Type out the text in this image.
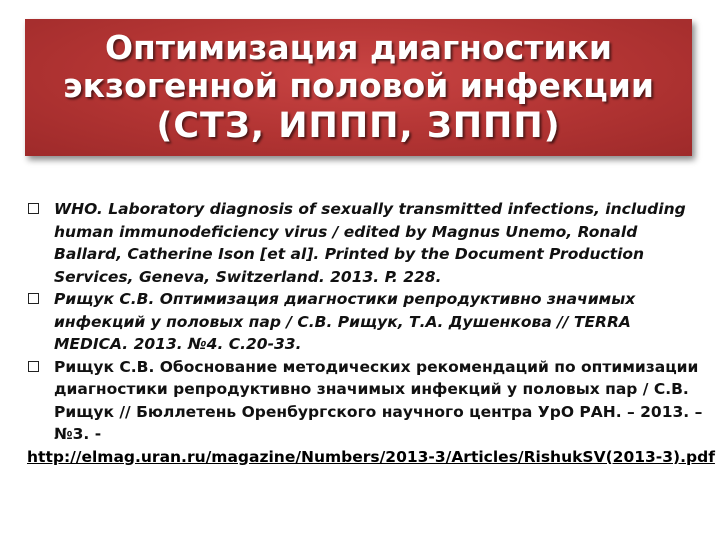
Оптимизация диагностики
экзогенной половой инфекции
(СТЗ, ИППП, ЗППП)
WHO. Laboratory diagnosis of sexually transmitted infections, including human immunodeficiency virus / edited by Magnus Unemo, Ronald Ballard, Catherine Ison [et al]. Printed by the Document Production Services, Geneva, Switzerland. 2013. P. 228.
Рищук С.В. Оптимизация диагностики репродуктивно значимых инфекций у половых пар / С.В. Рищук, Т.А. Душенкова // TERRA MEDICA. 2013. №4. С.20-33.
Рищук С.В. Обоснование методических рекомендаций по оптимизации диагностики репродуктивно значимых инфекций у половых пар / С.В. Рищук // Бюллетень Оренбургского научного центра УрО РАН. – 2013. – №3. -
http://elmag.uran.ru/magazine/Numbers/2013-3/Articles/RishukSV(2013-3).pdf
